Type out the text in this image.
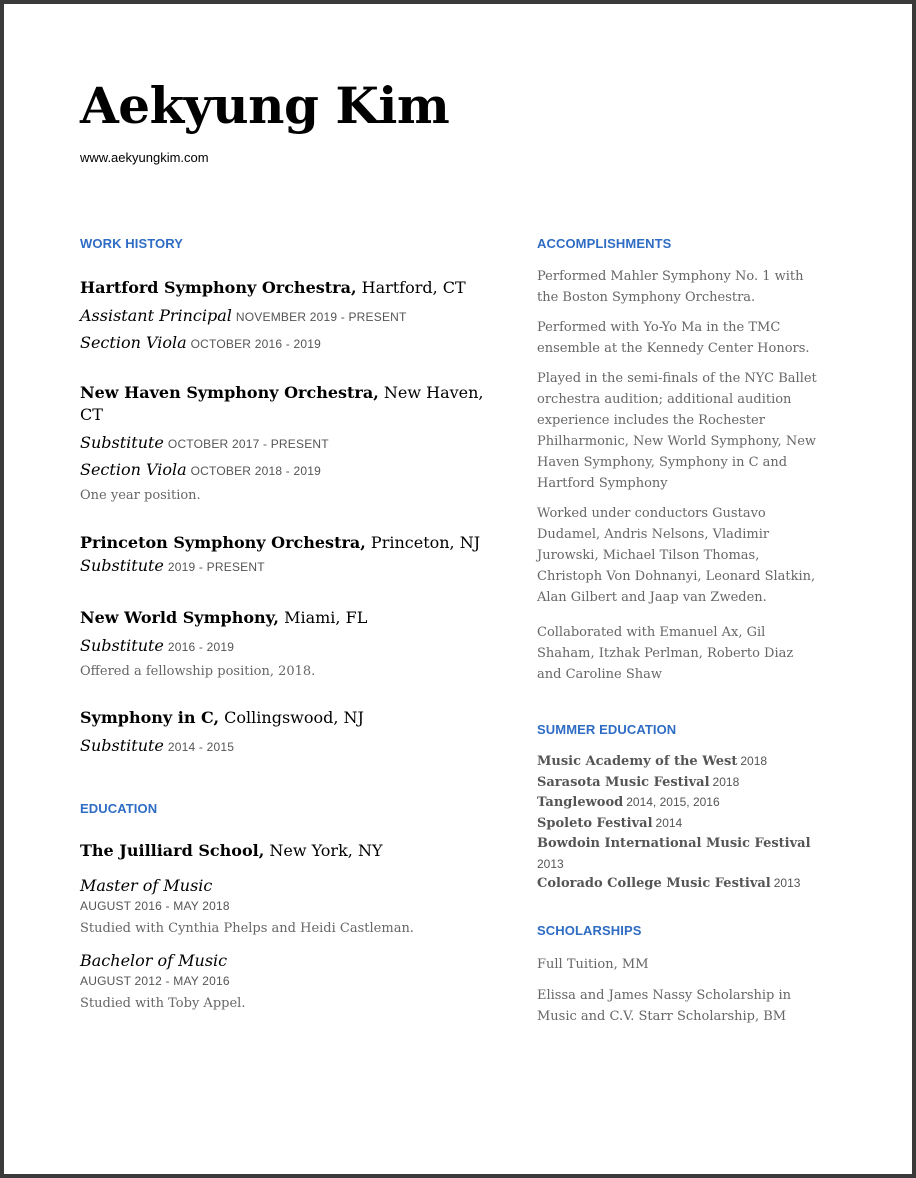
Aekyung Kim
www.aekyungkim.com
WORK HISTORY
Hartford Symphony Orchestra, Hartford, CT
Assistant Principal NOVEMBER 2019 - PRESENT
Section Viola OCTOBER 2016 - 2019
New Haven Symphony Orchestra, New Haven, CT
Substitute OCTOBER 2017 - PRESENT
Section Viola OCTOBER 2018 - 2019
One year position.
Princeton Symphony Orchestra, Princeton, NJ
Substitute 2019 - PRESENT
New World Symphony, Miami, FL
Substitute 2016 - 2019
Offered a fellowship position, 2018.
Symphony in C, Collingswood, NJ
Substitute 2014 - 2015
EDUCATION
The Juilliard School, New York, NY
Master of Music
AUGUST 2016 - MAY 2018
Studied with Cynthia Phelps and Heidi Castleman.
Bachelor of Music
AUGUST 2012 - MAY 2016
Studied with Toby Appel.
ACCOMPLISHMENTS
Performed Mahler Symphony No. 1 with the Boston Symphony Orchestra.
Performed with Yo-Yo Ma in the TMC ensemble at the Kennedy Center Honors.
Played in the semi-finals of the NYC Ballet orchestra audition; additional audition experience includes the Rochester Philharmonic, New World Symphony, New Haven Symphony, Symphony in C and Hartford Symphony
Worked under conductors Gustavo Dudamel, Andris Nelsons, Vladimir Jurowski, Michael Tilson Thomas, Christoph Von Dohnanyi, Leonard Slatkin, Alan Gilbert and Jaap van Zweden.
Collaborated with Emanuel Ax, Gil Shaham, Itzhak Perlman, Roberto Diaz and Caroline Shaw
SUMMER EDUCATION
Music Academy of the West 2018
Sarasota Music Festival 2018
Tanglewood 2014, 2015, 2016
Spoleto Festival 2014
Bowdoin International Music Festival
2013
Colorado College Music Festival 2013
SCHOLARSHIPS
Full Tuition, MM
Elissa and James Nassy Scholarship in Music and C.V. Starr Scholarship, BM
